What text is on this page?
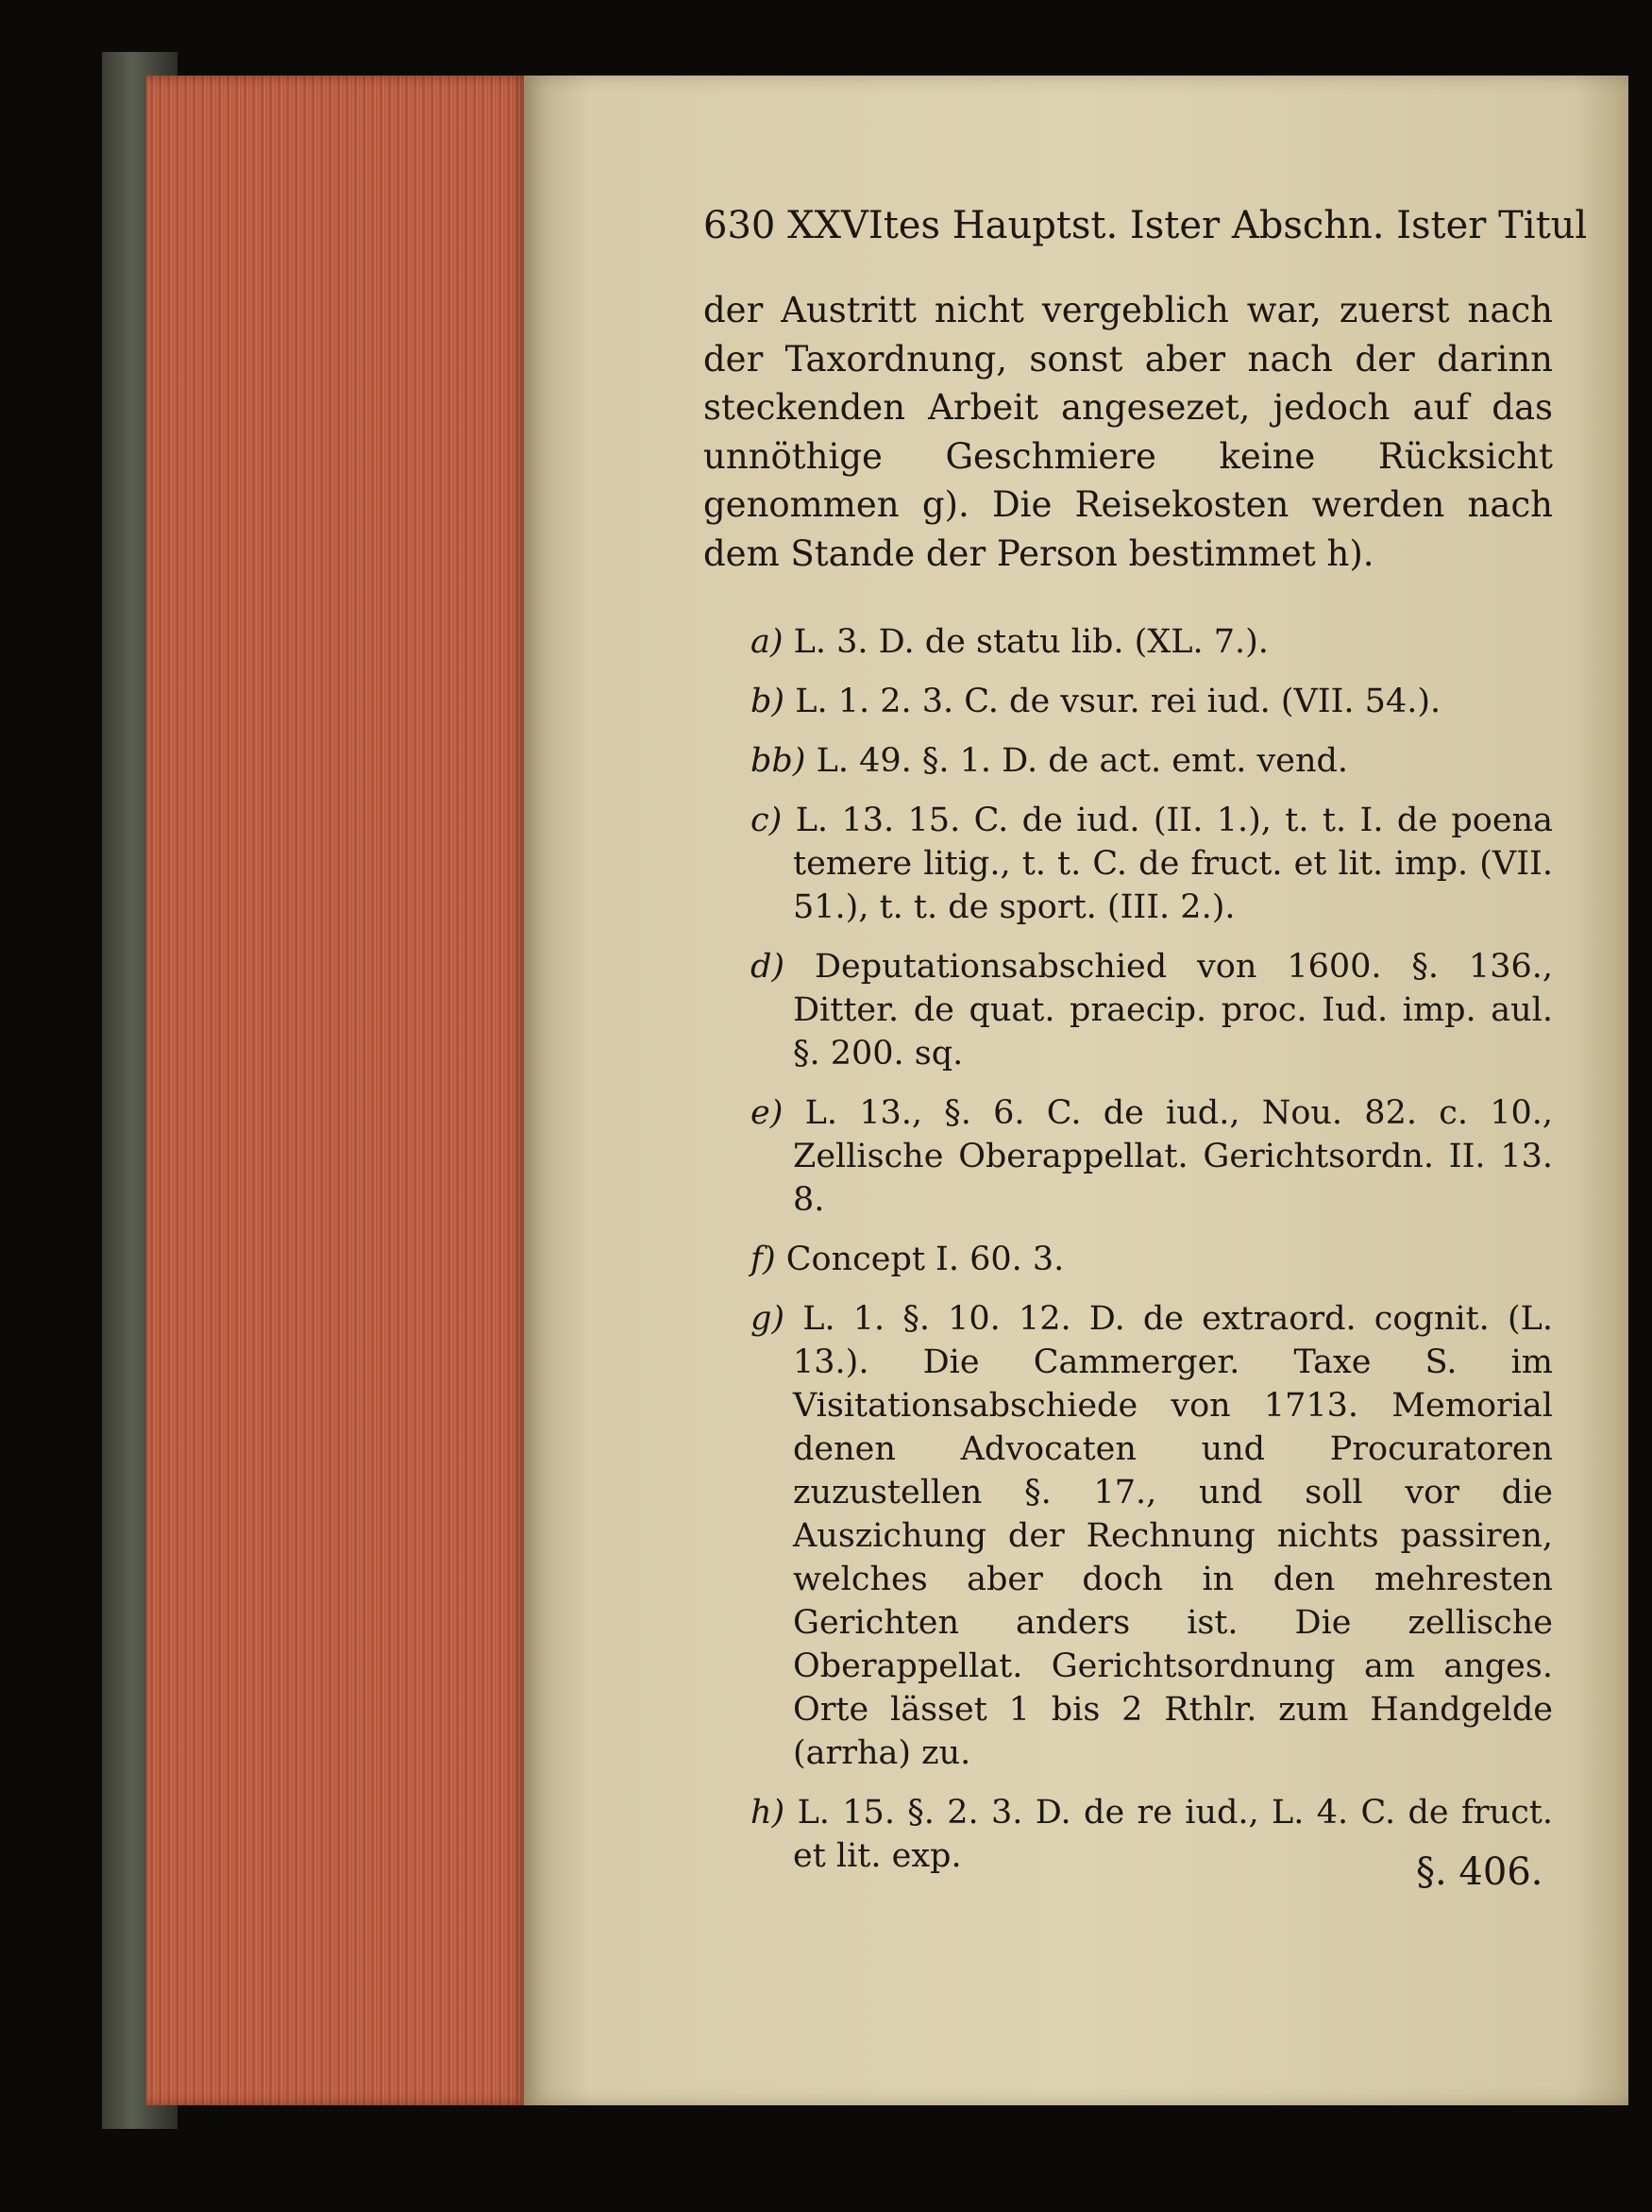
630 XXVItes Hauptst. Ister Abschn. Ister Titul
der Austritt nicht vergeblich war, zuerst nach der Taxordnung, sonst aber nach der darinn steckenden Arbeit angesezet, jedoch auf das unnöthige Geschmiere keine Rücksicht genommen g). Die Reisekosten werden nach dem Stande der Person bestimmet h).
a) L. 3. D. de statu lib. (XL. 7.).
b) L. 1. 2. 3. C. de vsur. rei iud. (VII. 54.).
bb) L. 49. §. 1. D. de act. emt. vend.
c) L. 13. 15. C. de iud. (II. 1.), t. t. I. de poena temere litig., t. t. C. de fruct. et lit. imp. (VII. 51.), t. t. de sport. (III. 2.).
d) Deputationsabschied von 1600. §. 136., Ditter. de quat. praecip. proc. Iud. imp. aul. §. 200. sq.
e) L. 13., §. 6. C. de iud., Nou. 82. c. 10., Zellische Oberappellat. Gerichtsordn. II. 13. 8.
f) Concept I. 60. 3.
g) L. 1. §. 10. 12. D. de extraord. cognit. (L. 13.). Die Cammerger. Taxe S. im Visitationsabschiede von 1713. Memorial denen Advocaten und Procuratoren zuzustellen §. 17., und soll vor die Auszichung der Rechnung nichts passiren, welches aber doch in den mehresten Gerichten anders ist. Die zellische Oberappellat. Gerichtsordnung am anges. Orte lässet 1 bis 2 Rthlr. zum Handgelde (arrha) zu.
h) L. 15. §. 2. 3. D. de re iud., L. 4. C. de fruct. et lit. exp.	§. 406.
